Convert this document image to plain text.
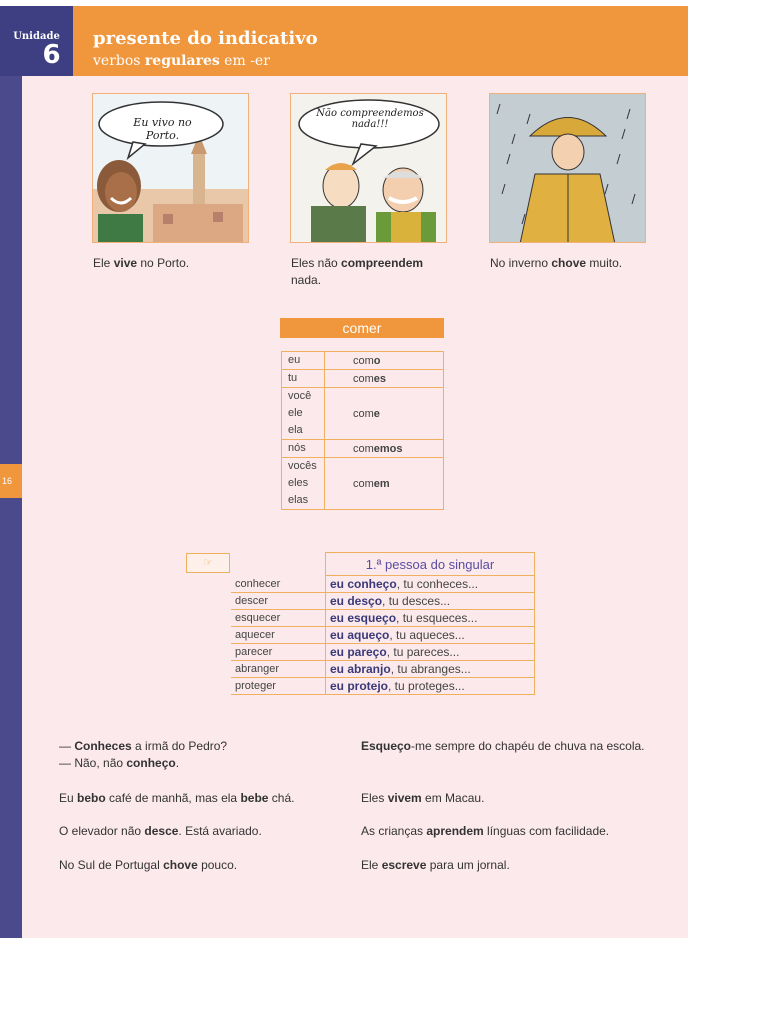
Unidade
6
presente do indicativo
verbos regulares em -er
16
Eu vivo no Porto.
Ele vive no Porto.
Não compreendemos nada!!!
Eles não compreendem nada.
No inverno chove muito.
comer
eu	como

tu	comes

você
ele
ela	come

nós	comemos

vocês
eles
elas	comem
☞
		1.ª pessoa do singular
conhecer	eu conheço, tu conheces...
descer	eu desço, tu desces...
esquecer	eu esqueço, tu esqueces...
aquecer	eu aqueço, tu aqueces...
parecer	eu pareço, tu pareces...
abranger	eu abranjo, tu abranges...
proteger	eu protejo, tu proteges...
— Conheces a irmã do Pedro?
— Não, não conheço.
Eu bebo café de manhã, mas ela bebe chá.
O elevador não desce. Está avariado.
No Sul de Portugal chove pouco.
Esqueço-me sempre do chapéu de chuva na escola.
Eles vivem em Macau.
As crianças aprendem línguas com facilidade.
Ele escreve para um jornal.
